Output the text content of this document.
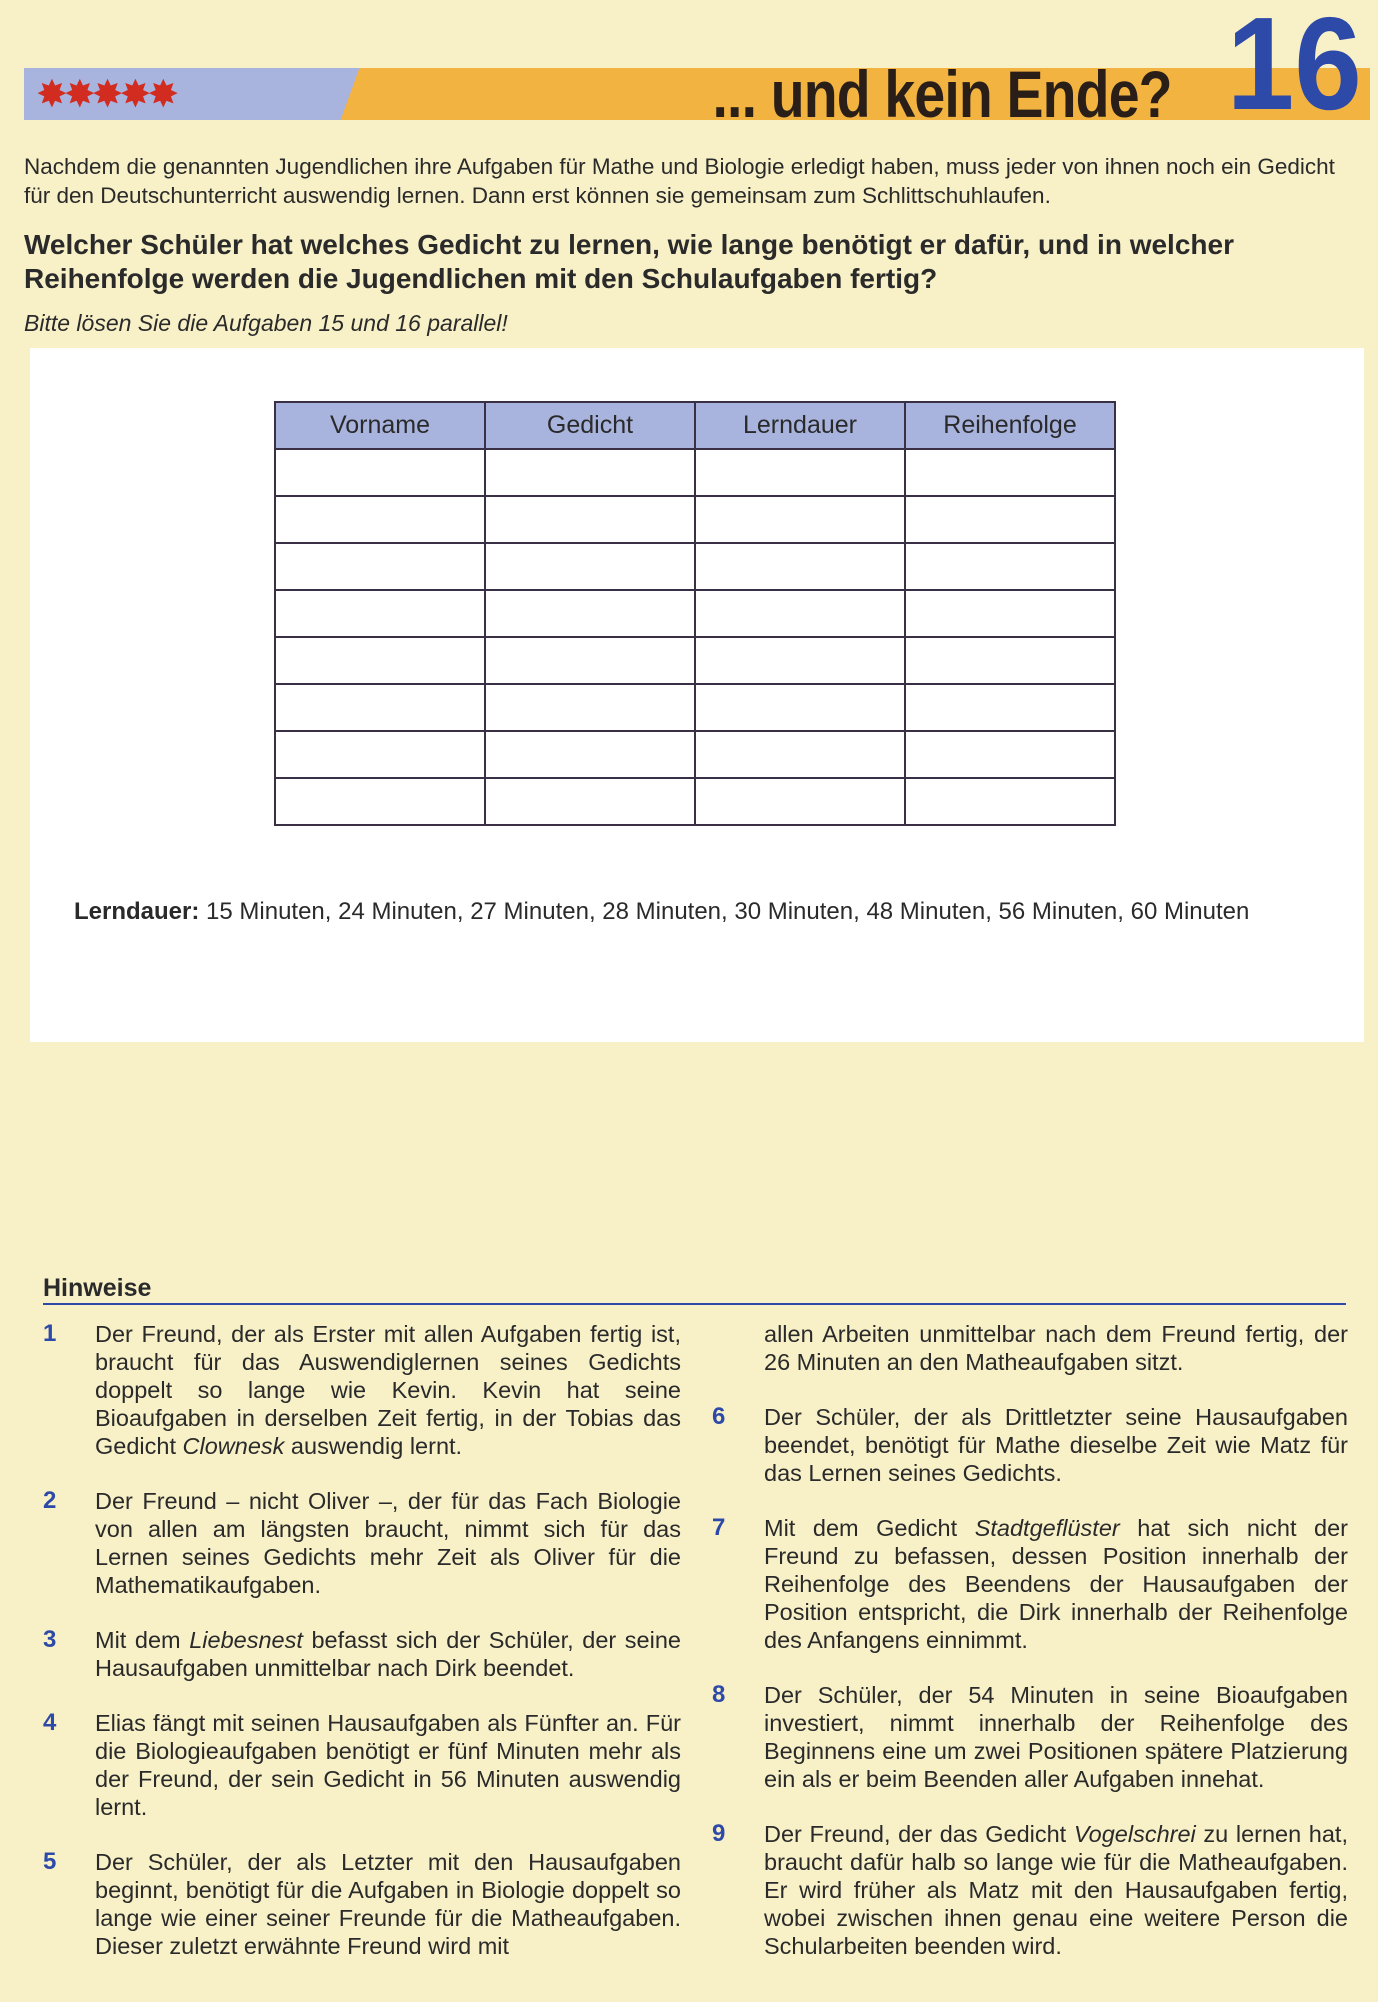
✸✸✸✸✸	... und kein Ende? 16
Nachdem die genannten Jugendlichen ihre Aufgaben für Mathe und Biologie erledigt haben, muss jeder von ihnen noch ein Gedicht für den Deutschunterricht auswendig lernen. Dann erst können sie gemeinsam zum Schlittschuhlaufen.
Welcher Schüler hat welches Gedicht zu lernen, wie lange benötigt er dafür, und in welcher Reihenfolge werden die Jugendlichen mit den Schulaufgaben fertig?
Bitte lösen Sie die Aufgaben 15 und 16 parallel!
Vorname	Gedicht	Lerndauer	Reihenfolge

Lerndauer: 15 Minuten, 24 Minuten, 27 Minuten, 28 Minuten, 30 Minuten, 48 Minuten, 56 Minuten, 60 Minuten
Hinweise
1	Der Freund, der als Erster mit allen Aufgaben fertig ist, braucht für das Auswendiglernen seines Gedichts doppelt so lange wie Kevin. Kevin hat seine Bioaufgaben in derselben Zeit fertig, in der Tobias das Gedicht Clownesk auswendig lernt.
2	Der Freund – nicht Oliver –, der für das Fach Biologie von allen am längsten braucht, nimmt sich für das Lernen seines Gedichts mehr Zeit als Oliver für die Mathematikaufgaben.
3	Mit dem Liebesnest befasst sich der Schüler, der seine Hausaufgaben unmittelbar nach Dirk beendet.
4	Elias fängt mit seinen Hausaufgaben als Fünfter an. Für die Biologieaufgaben benötigt er fünf Minuten mehr als der Freund, der sein Gedicht in 56 Minuten auswendig lernt.
5	Der Schüler, der als Letzter mit den Hausaufgaben beginnt, benötigt für die Aufgaben in Biologie doppelt so lange wie einer seiner Freunde für die Matheaufgaben. Dieser zuletzt erwähnte Freund wird mit
allen Arbeiten unmittelbar nach dem Freund fertig, der 26 Minuten an den Matheaufgaben sitzt.
6	Der Schüler, der als Drittletzter seine Hausaufgaben beendet, benötigt für Mathe dieselbe Zeit wie Matz für das Lernen seines Gedichts.
7	Mit dem Gedicht Stadtgeflüster hat sich nicht der Freund zu befassen, dessen Position innerhalb der Reihenfolge des Beendens der Hausaufgaben der Position entspricht, die Dirk innerhalb der Reihenfolge des Anfangens einnimmt.
8	Der Schüler, der 54 Minuten in seine Bioaufgaben investiert, nimmt innerhalb der Reihenfolge des Beginnens eine um zwei Positionen spätere Platzierung ein als er beim Beenden aller Aufgaben innehat.
9	Der Freund, der das Gedicht Vogelschrei zu lernen hat, braucht dafür halb so lange wie für die Matheaufgaben. Er wird früher als Matz mit den Hausaufgaben fertig, wobei zwischen ihnen genau eine weitere Person die Schularbeiten beenden wird.
